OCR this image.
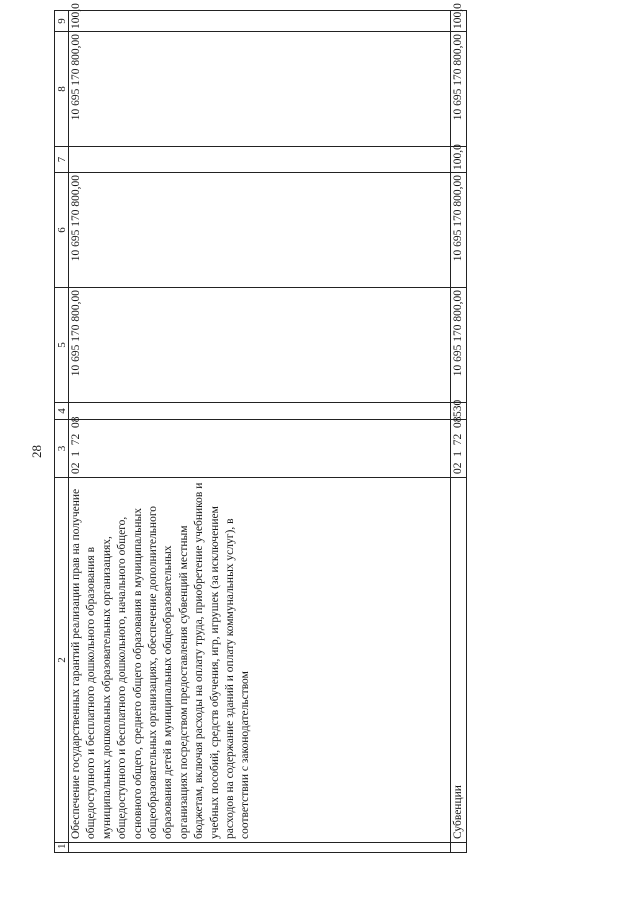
28
1	2	3	4	5	6	7	8	9
	Обеспечение государственных гарантий реализации прав на получение общедоступного и бесплатного дошкольного образования в муниципальных дошкольных образовательных организациях, общедоступного и бесплатного дошкольного, начального общего, основного общего, среднего общего образования в муниципальных общеобразовательных организациях, обеспечение дополнительного образования детей в муниципальных общеобразовательных организациях посредством предоставления субвенций местным бюджетам, включая расходы на оплату труда, приобретение учебников и учебных пособий, средств обучения, игр, игрушек (за исключением расходов на содержание зданий и оплату коммунальных услуг), в соответствии с законодательством	02  1  72  08		10 695 170 800,00	10 695 170 800,00		10 695 170 800,00	100,0
	Субвенции	02  1  72  08	530	10 695 170 800,00	10 695 170 800,00	100,0	10 695 170 800,00	100,0
